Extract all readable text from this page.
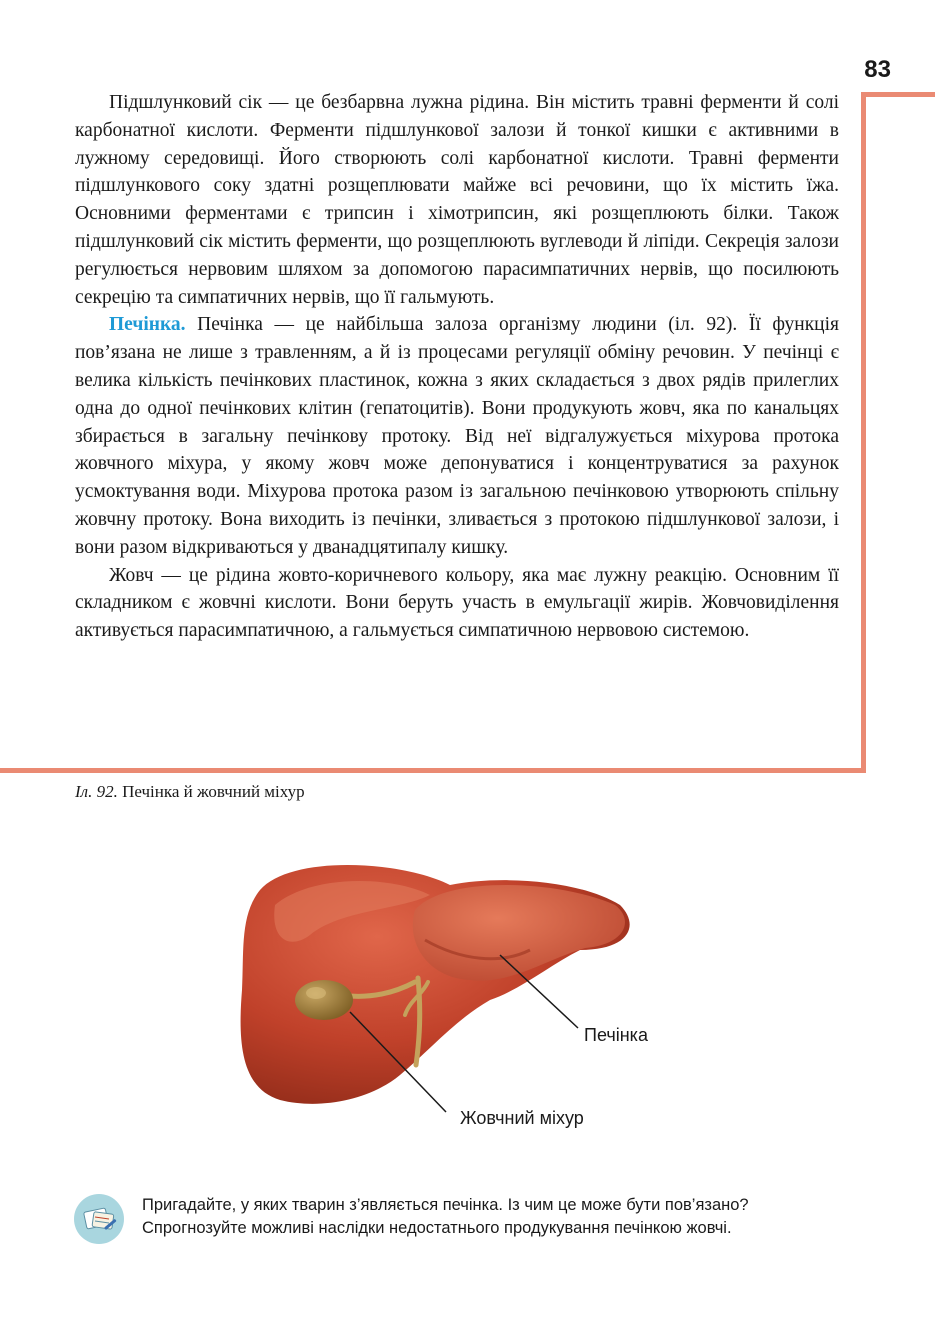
83

Підшлунковий сік — це безбарвна лужна рідина. Він містить травні ферменти й солі карбонатної кислоти. Ферменти підшлункової залози й тонкої кишки є активними в лужному середовищі. Його створюють солі карбонатної кислоти. Травні ферменти підшлункового соку здатні розщеплювати майже всі речовини, що їх містить їжа. Основними ферментами є трипсин і хімотрипсин, які розщеплюють білки. Також підшлунковий сік містить ферменти, що розщеплюють вуглеводи й ліпіди. Секреція залози регулюється нервовим шляхом за допомогою парасимпатичних нервів, що посилюють секрецію та симпатичних нервів, що її гальмують.

Печінка. Печінка — це найбільша залоза організму людини (іл. 92). Її функція пов’язана не лише з травленням, а й із процесами регуляції обміну речовин. У печінці є велика кількість печінкових пластинок, кожна з яких складається з двох рядів прилеглих одна до одної печінкових клітин (гепатоцитів). Вони продукують жовч, яка по канальцях збирається в загальну печінкову протоку. Від неї відгалужується міхурова протока жовчного міхура, у якому жовч може депонуватися і концентруватися за рахунок усмоктування води. Міхурова протока разом із загальною печінковою утворюють спільну жовчну протоку. Вона виходить із печінки, зливається з протокою підшлункової залози, і вони разом відкриваються у дванадцятипалу кишку.

Жовч — це рідина жовто-коричневого кольору, яка має лужну реакцію. Основним її складником є жовчні кислоти. Вони беруть участь в емульгації жирів. Жовчовиділення активується парасимпатичною, а гальмується симпатичною нервовою системою.

Іл. 92. Печінка й жовчний міхур
Печінка
Жовчний міхур
Пригадайте, у яких тварин з’являється печінка. Із чим це може бути пов’язано?
Спрогнозуйте можливі наслідки недостатнього продукування печінкою жовчі.
